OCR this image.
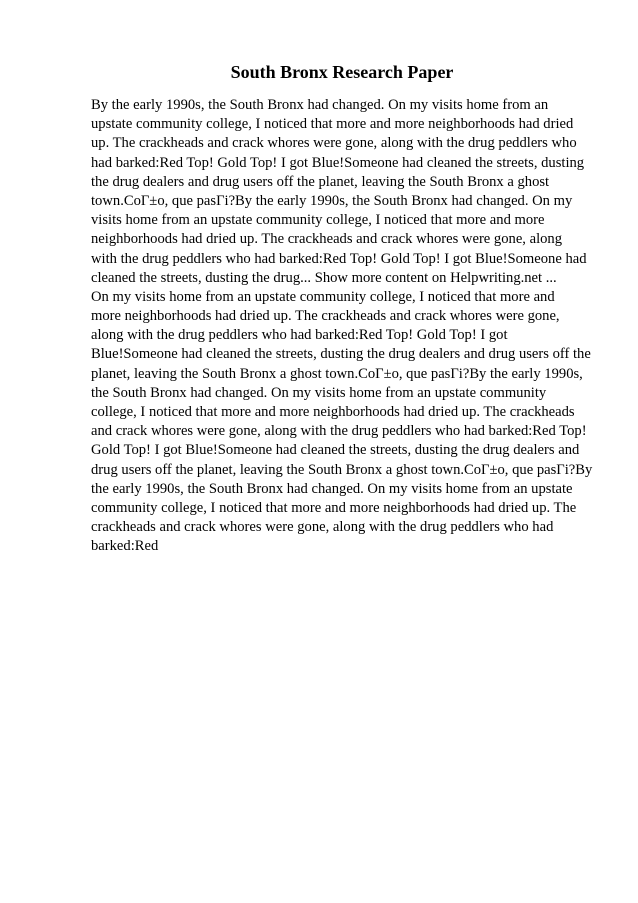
South Bronx Research Paper
By the early 1990s, the South Bronx had changed. On my visits home from an
upstate community college, I noticed that more and more neighborhoods had dried
up. The crackheads and crack whores were gone, along with the drug peddlers who
had barked:Red Top! Gold Top! I got Blue!Someone had cleaned the streets, dusting
the drug dealers and drug users off the planet, leaving the South Bronx a ghost
town.CoΓ±o, que pasΓi?By the early 1990s, the South Bronx had changed. On my
visits home from an upstate community college, I noticed that more and more
neighborhoods had dried up. The crackheads and crack whores were gone, along
with the drug peddlers who had barked:Red Top! Gold Top! I got Blue!Someone had
cleaned the streets, dusting the drug... Show more content on Helpwriting.net ...
On my visits home from an upstate community college, I noticed that more and
more neighborhoods had dried up. The crackheads and crack whores were gone,
along with the drug peddlers who had barked:Red Top! Gold Top! I got
Blue!Someone had cleaned the streets, dusting the drug dealers and drug users off the
planet, leaving the South Bronx a ghost town.CoΓ±o, que pasΓi?By the early 1990s,
the South Bronx had changed. On my visits home from an upstate community
college, I noticed that more and more neighborhoods had dried up. The crackheads
and crack whores were gone, along with the drug peddlers who had barked:Red Top!
Gold Top! I got Blue!Someone had cleaned the streets, dusting the drug dealers and
drug users off the planet, leaving the South Bronx a ghost town.CoΓ±o, que pasΓi?By
the early 1990s, the South Bronx had changed. On my visits home from an upstate
community college, I noticed that more and more neighborhoods had dried up. The
crackheads and crack whores were gone, along with the drug peddlers who had
barked:Red
